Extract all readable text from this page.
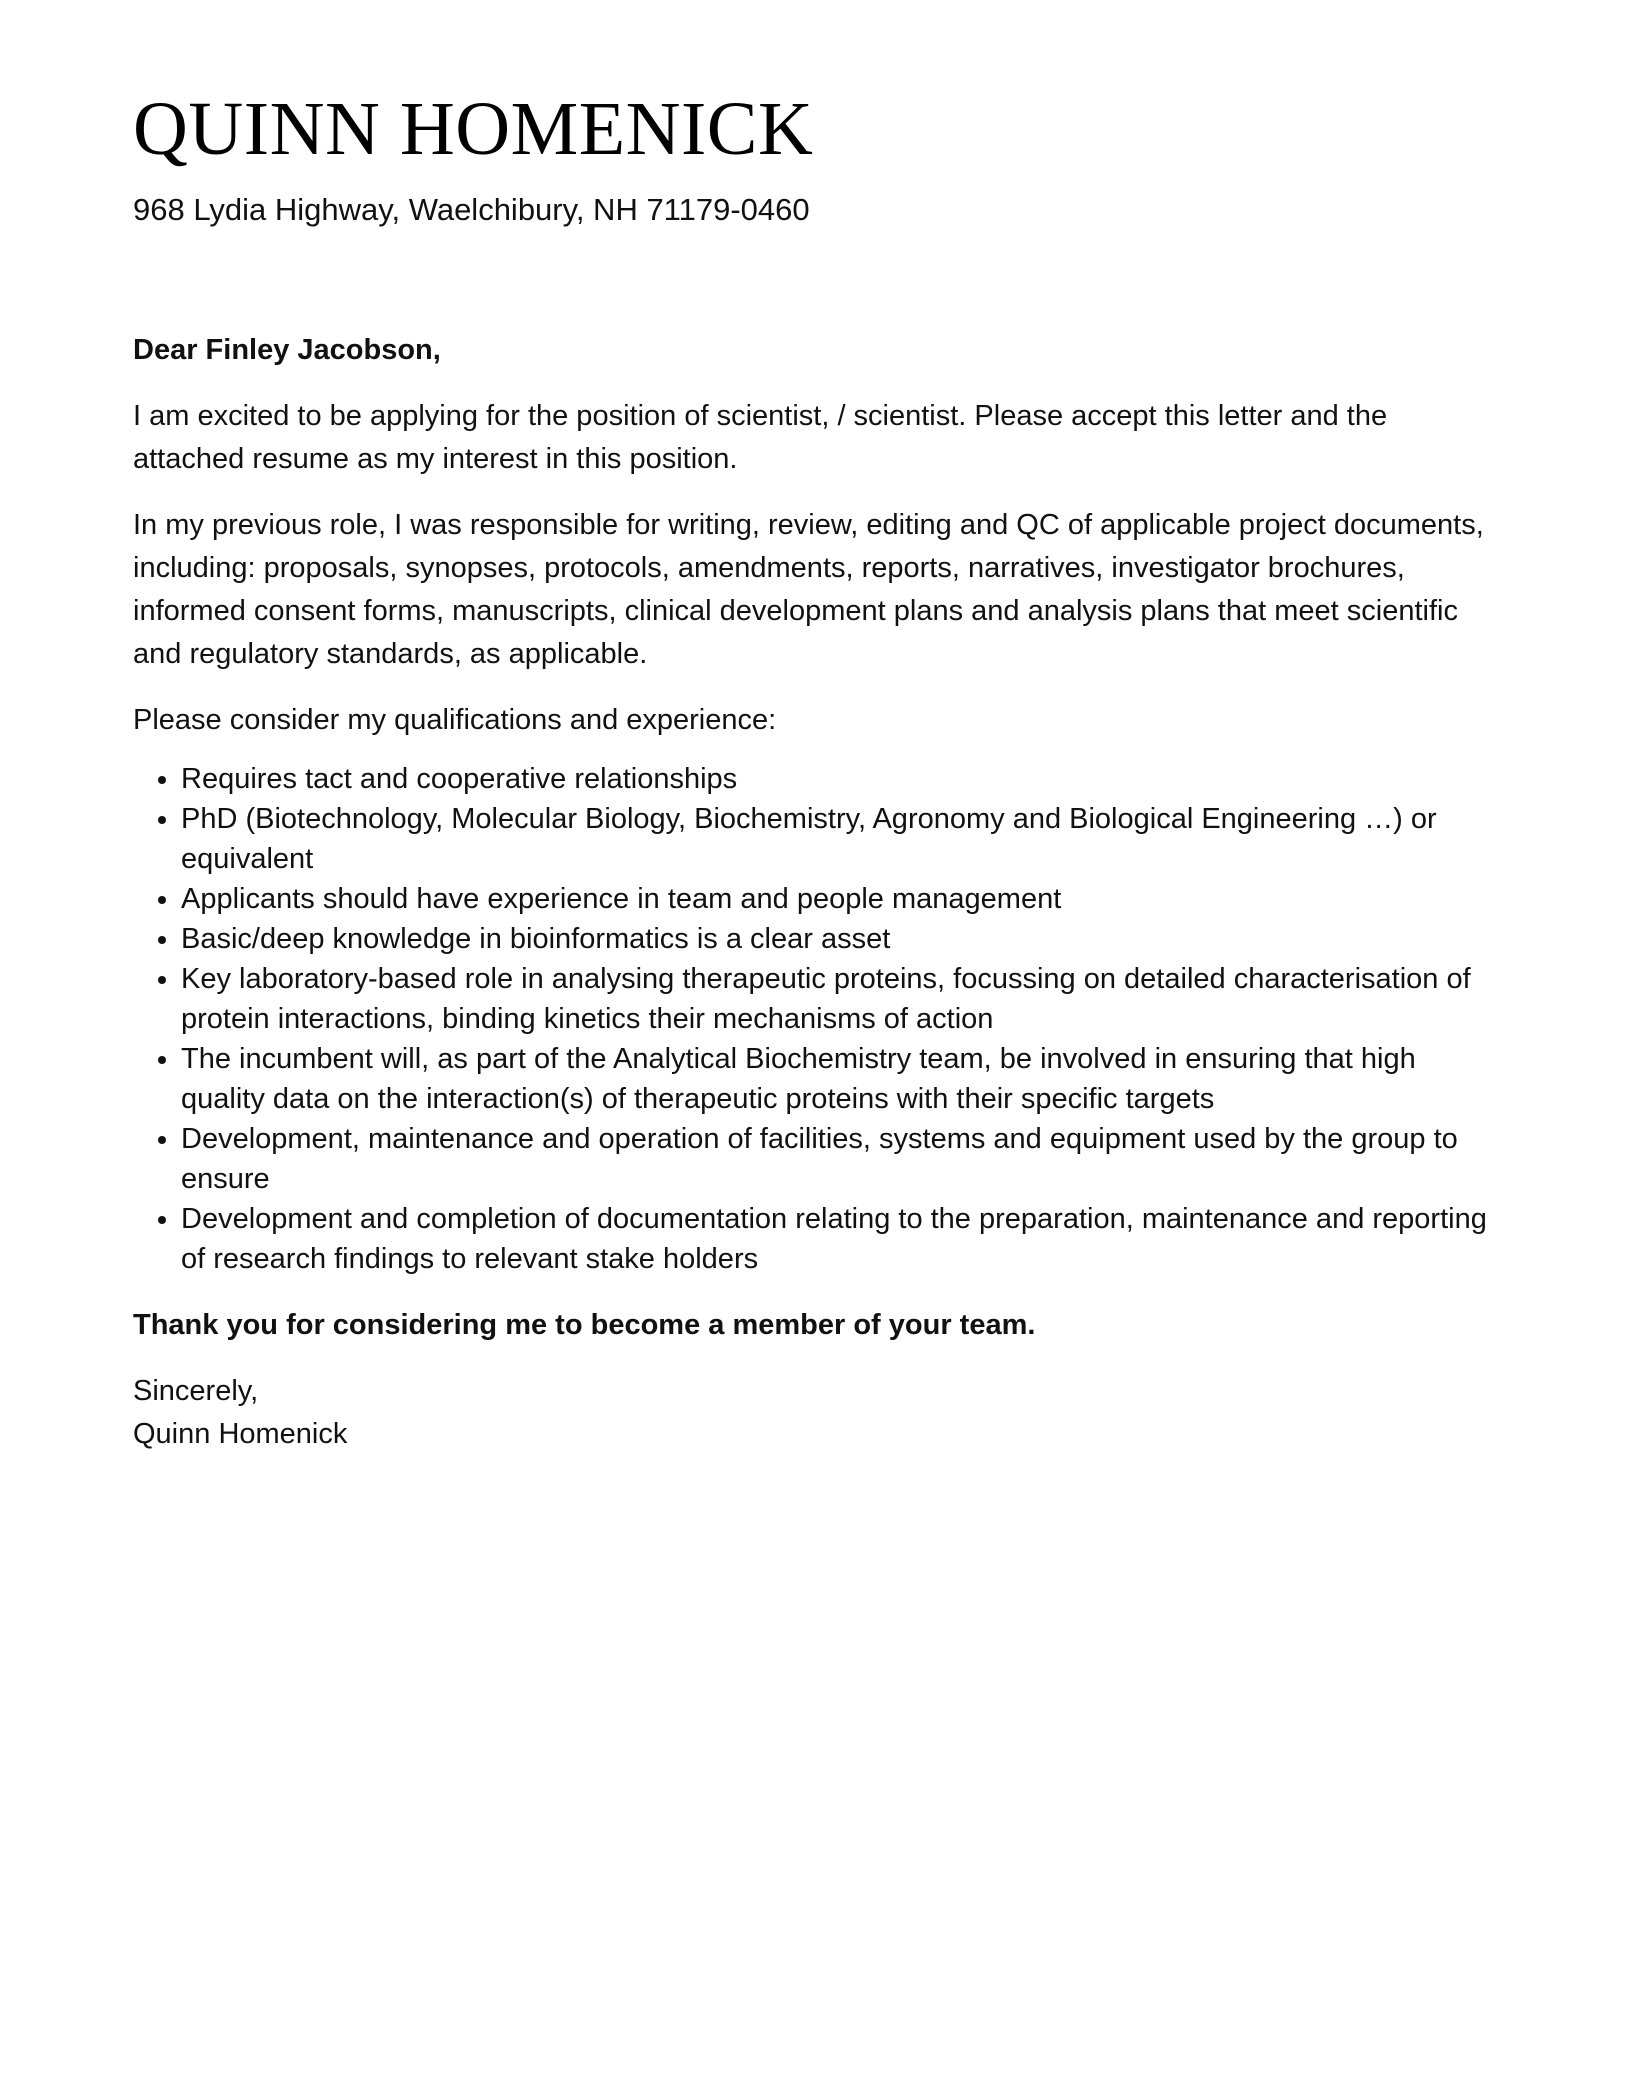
QUINN HOMENICK
968 Lydia Highway, Waelchibury, NH 71179-0460

Dear Finley Jacobson,

I am excited to be applying for the position of scientist, / scientist. Please accept this letter and the attached resume as my interest in this position.

In my previous role, I was responsible for writing, review, editing and QC of applicable project documents, including: proposals, synopses, protocols, amendments, reports, narratives, investigator brochures, informed consent forms, manuscripts, clinical development plans and analysis plans that meet scientific and regulatory standards, as applicable.

Please consider my qualifications and experience:

• Requires tact and cooperative relationships
• PhD (Biotechnology, Molecular Biology, Biochemistry, Agronomy and Biological Engineering …) or equivalent
• Applicants should have experience in team and people management
• Basic/deep knowledge in bioinformatics is a clear asset
• Key laboratory-based role in analysing therapeutic proteins, focussing on detailed characterisation of protein interactions, binding kinetics their mechanisms of action
• The incumbent will, as part of the Analytical Biochemistry team, be involved in ensuring that high quality data on the interaction(s) of therapeutic proteins with their specific targets
• Development, maintenance and operation of facilities, systems and equipment used by the group to ensure
• Development and completion of documentation relating to the preparation, maintenance and reporting of research findings to relevant stake holders

Thank you for considering me to become a member of your team.

Sincerely,

Quinn Homenick
